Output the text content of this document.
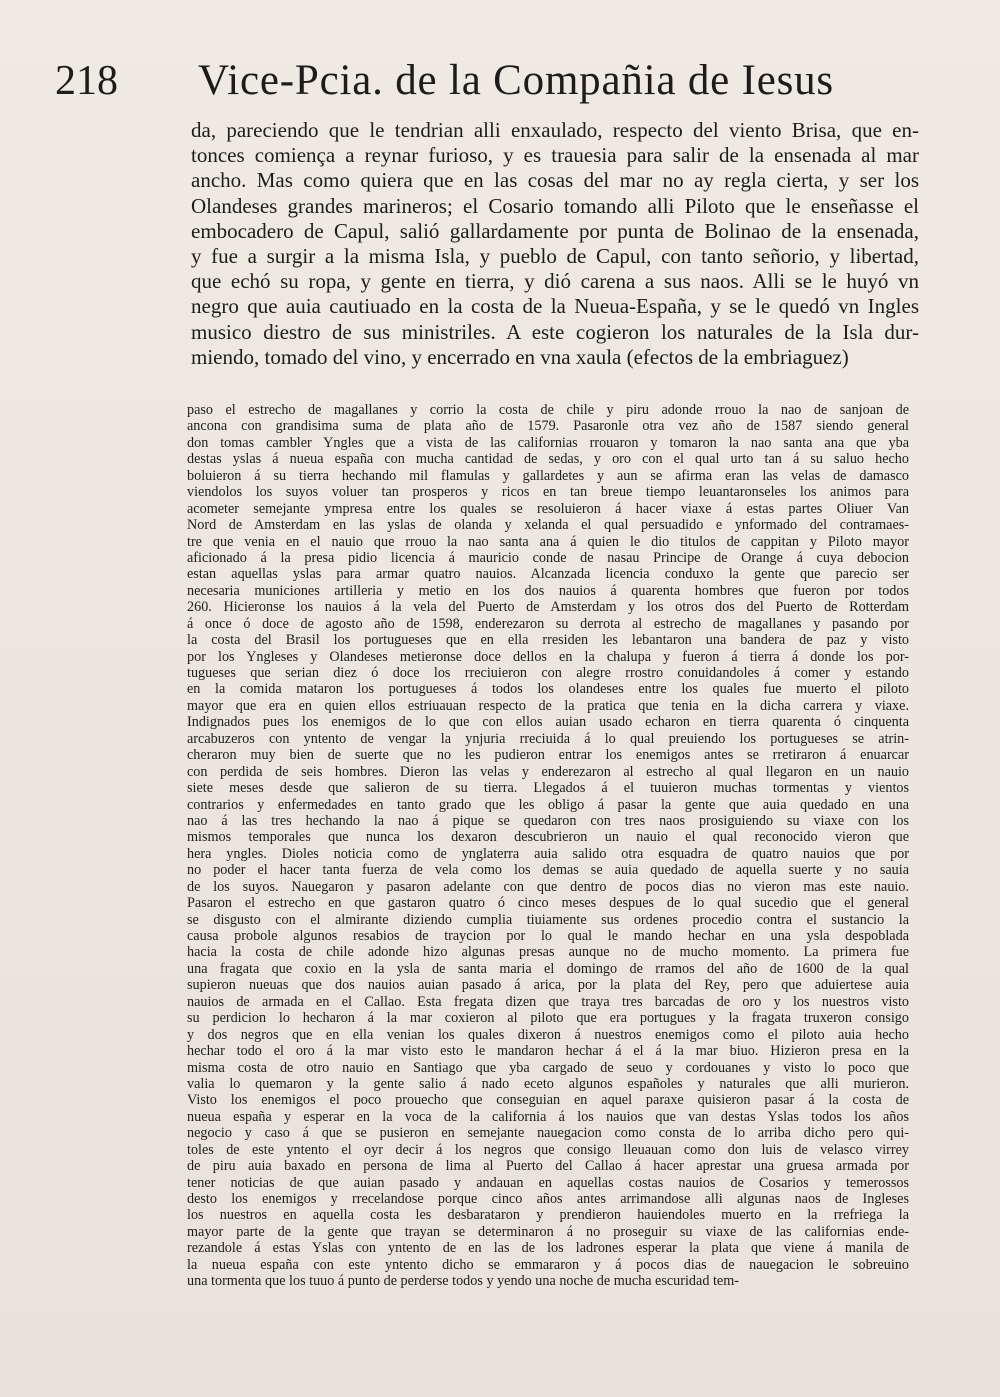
218 Vice-Pcia. de la Compañia de Iesus
da, pareciendo que le tendrian alli enxaulado, respecto del viento Brisa, que en-
tonces comiença a reynar furioso, y es trauesia para salir de la ensenada al mar
ancho. Mas como quiera que en las cosas del mar no ay regla cierta, y ser los
Olandeses grandes marineros; el Cosario tomando alli Piloto que le enseñasse el
embocadero de Capul, salió gallardamente por punta de Bolinao de la ensenada,
y fue a surgir a la misma Isla, y pueblo de Capul, con tanto señorio, y libertad,
que echó su ropa, y gente en tierra, y dió carena a sus naos. Alli se le huyó vn
negro que auia cautiuado en la costa de la Nueua-España, y se le quedó vn Ingles
musico diestro de sus ministriles. A este cogieron los naturales de la Isla dur-
miendo, tomado del vino, y encerrado en vna xaula (efectos de la embriaguez)
paso el estrecho de magallanes y corrio la costa de chile y piru adonde rrouo la nao de sanjoan de
ancona con grandisima suma de plata año de 1579. Pasaronle otra vez año de 1587 siendo general
don tomas cambler Yngles que a vista de las californias rrouaron y tomaron la nao santa ana que yba
destas yslas á nueua españa con mucha cantidad de sedas, y oro con el qual urto tan á su saluo hecho
boluieron á su tierra hechando mil flamulas y gallardetes y aun se afirma eran las velas de damasco
viendolos los suyos voluer tan prosperos y ricos en tan breue tiempo leuantaronseles los animos para
acometer semejante ympresa entre los quales se resoluieron á hacer viaxe á estas partes Oliuer Van
Nord de Amsterdam en las yslas de olanda y xelanda el qual persuadido e ynformado del contramaes-
tre que venia en el nauio que rrouo la nao santa ana á quien le dio titulos de cappitan y Piloto mayor
aficionado á la presa pidio licencia á mauricio conde de nasau Principe de Orange á cuya debocion
estan aquellas yslas para armar quatro nauios. Alcanzada licencia conduxo la gente que parecio ser
necesaria municiones artilleria y metio en los dos nauios á quarenta hombres que fueron por todos
260. Hicieronse los nauios á la vela del Puerto de Amsterdam y los otros dos del Puerto de Rotterdam
á once ó doce de agosto año de 1598, enderezaron su derrota al estrecho de magallanes y pasando por
la costa del Brasil los portugueses que en ella rresiden les lebantaron una bandera de paz y visto
por los Yngleses y Olandeses metieronse doce dellos en la chalupa y fueron á tierra á donde los por-
tugueses que serian diez ó doce los rreciuieron con alegre rrostro conuidandoles á comer y estando
en la comida mataron los portugueses á todos los olandeses entre los quales fue muerto el piloto
mayor que era en quien ellos estriuauan respecto de la pratica que tenia en la dicha carrera y viaxe.
Indignados pues los enemigos de lo que con ellos auian usado echaron en tierra quarenta ó cinquenta
arcabuzeros con yntento de vengar la ynjuria rreciuida á lo qual preuiendo los portugueses se atrin-
cheraron muy bien de suerte que no les pudieron entrar los enemigos antes se rretiraron á enuarcar
con perdida de seis hombres. Dieron las velas y enderezaron al estrecho al qual llegaron en un nauio
siete meses desde que salieron de su tierra. Llegados á el tuuieron muchas tormentas y vientos
contrarios y enfermedades en tanto grado que les obligo á pasar la gente que auia quedado en una
nao á las tres hechando la nao á pique se quedaron con tres naos prosiguiendo su viaxe con los
mismos temporales que nunca los dexaron descubrieron un nauio el qual reconocido vieron que
hera yngles. Dioles noticia como de ynglaterra auia salido otra esquadra de quatro nauios que por
no poder el hacer tanta fuerza de vela como los demas se auia quedado de aquella suerte y no sauia
de los suyos. Nauegaron y pasaron adelante con que dentro de pocos dias no vieron mas este nauio.
Pasaron el estrecho en que gastaron quatro ó cinco meses despues de lo qual sucedio que el general
se disgusto con el almirante diziendo cumplia tiuiamente sus ordenes procedio contra el sustancio la
causa probole algunos resabios de traycion por lo qual le mando hechar en una ysla despoblada
hacia la costa de chile adonde hizo algunas presas aunque no de mucho momento. La primera fue
una fragata que coxio en la ysla de santa maria el domingo de rramos del año de 1600 de la qual
supieron nueuas que dos nauios auian pasado á arica, por la plata del Rey, pero que aduiertese auia
nauios de armada en el Callao. Esta fregata dizen que traya tres barcadas de oro y los nuestros visto
su perdicion lo hecharon á la mar coxieron al piloto que era portugues y la fragata truxeron consigo
y dos negros que en ella venian los quales dixeron á nuestros enemigos como el piloto auia hecho
hechar todo el oro á la mar visto esto le mandaron hechar á el á la mar biuo. Hizieron presa en la
misma costa de otro nauio en Santiago que yba cargado de seuo y cordouanes y visto lo poco que
valia lo quemaron y la gente salio á nado eceto algunos españoles y naturales que alli murieron.
Visto los enemigos el poco prouecho que conseguian en aquel paraxe quisieron pasar á la costa de
nueua españa y esperar en la voca de la california á los nauios que van destas Yslas todos los años
negocio y caso á que se pusieron en semejante nauegacion como consta de lo arriba dicho pero qui-
toles de este yntento el oyr decir á los negros que consigo lleuauan como don luis de velasco virrey
de piru auia baxado en persona de lima al Puerto del Callao á hacer aprestar una gruesa armada por
tener noticias de que auian pasado y andauan en aquellas costas nauios de Cosarios y temerossos
desto los enemigos y rrecelandose porque cinco años antes arrimandose alli algunas naos de Ingleses
los nuestros en aquella costa les desbarataron y prendieron hauiendoles muerto en la rrefriega la
mayor parte de la gente que trayan se determinaron á no proseguir su viaxe de las californias ende-
rezandole á estas Yslas con yntento de en las de los ladrones esperar la plata que viene á manila de
la nueua españa con este yntento dicho se emmararon y á pocos dias de nauegacion le sobreuino
una tormenta que los tuuo á punto de perderse todos y yendo una noche de mucha escuridad tem-
